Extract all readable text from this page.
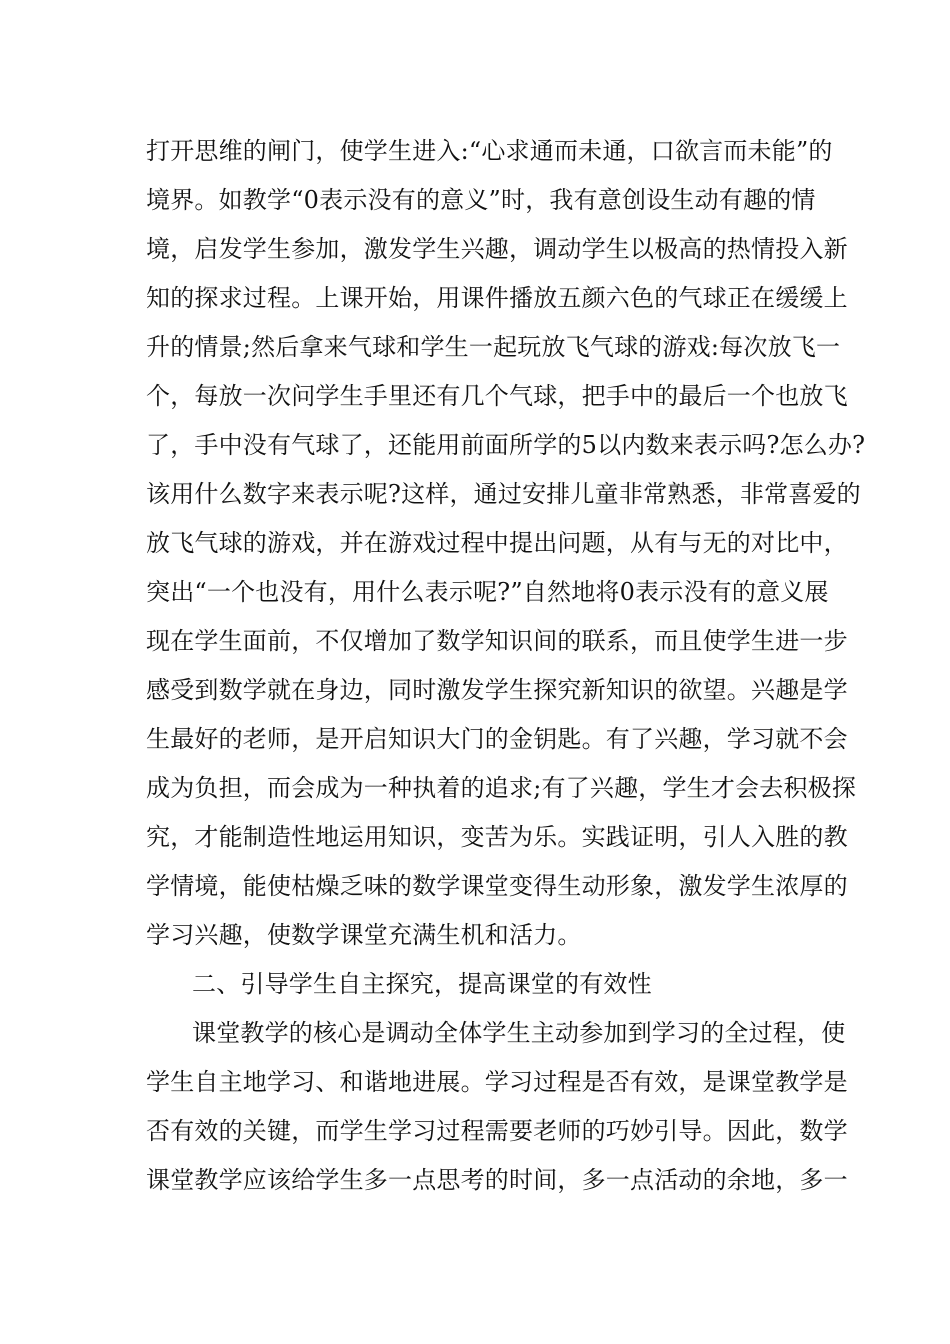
打开思维的闸门，使学生进入:“心求通而未通，口欲言而未能”的
境界。如教学“0表示没有的意义”时，我有意创设生动有趣的情
境，启发学生参加，激发学生兴趣，调动学生以极高的热情投入新
知的探求过程。上课开始，用课件播放五颜六色的气球正在缓缓上
升的情景;然后拿来气球和学生一起玩放飞气球的游戏:每次放飞一
个，每放一次问学生手里还有几个气球，把手中的最后一个也放飞
了，手中没有气球了，还能用前面所学的5以内数来表示吗?怎么办?
该用什么数字来表示呢?这样，通过安排儿童非常熟悉，非常喜爱的
放飞气球的游戏，并在游戏过程中提出问题，从有与无的对比中，
突出“一个也没有，用什么表示呢?”自然地将0表示没有的意义展
现在学生面前，不仅增加了数学知识间的联系，而且使学生进一步
感受到数学就在身边，同时激发学生探究新知识的欲望。兴趣是学
生最好的老师，是开启知识大门的金钥匙。有了兴趣，学习就不会
成为负担，而会成为一种执着的追求;有了兴趣，学生才会去积极探
究，才能制造性地运用知识，变苦为乐。实践证明，引人入胜的教
学情境，能使枯燥乏味的数学课堂变得生动形象，激发学生浓厚的
学习兴趣，使数学课堂充满生机和活力。
二、引导学生自主探究，提高课堂的有效性
课堂教学的核心是调动全体学生主动参加到学习的全过程，使
学生自主地学习、和谐地进展。学习过程是否有效，是课堂教学是
否有效的关键，而学生学习过程需要老师的巧妙引导。因此，数学
课堂教学应该给学生多一点思考的时间，多一点活动的余地，多一
